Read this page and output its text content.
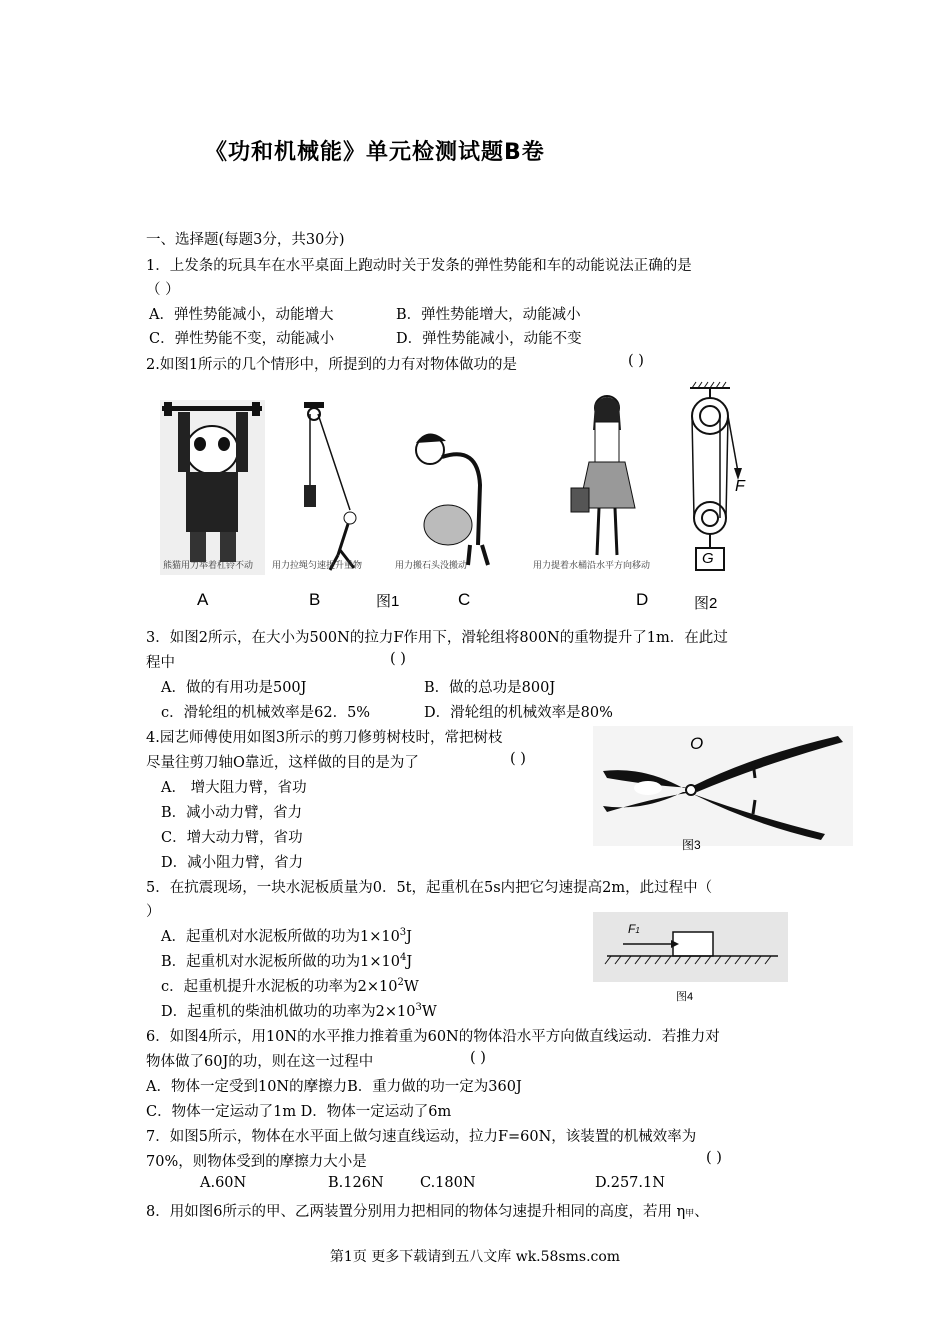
《功和机械能》单元检测试题B卷
一、选择题(每题3分，共30分)
1．上发条的玩具车在水平桌面上跑动时关于发条的弹性势能和车的动能说法正确的是
（ ）
A．弹性势能减小，动能增大	B．弹性势能增大，动能减小
C．弹性势能不变，动能减小	D．弹性势能减小，动能不变
2.如图1所示的几个情形中，所提到的力有对物体做功的是	( )
熊猫用力举着杠铃不动 用力拉绳匀速提升重物	用力搬石头没搬动	用力提着水桶沿水平方向移动
A	B	图1	C	D
F
G
图2
3．如图2所示，在大小为500N的拉力F作用下，滑轮组将800N的重物提升了1m．在此过
程中	( )
A．做的有用功是500J	B．做的总功是800J
c．滑轮组的机械效率是62．5%	D．滑轮组的机械效率是80%
4.园艺师傅使用如图3所示的剪刀修剪树枝时，常把树枝
尽量往剪刀轴O靠近，这样做的目的是为了	( )
A． 增大阻力臂，省功
B．减小动力臂，省力
C．增大动力臂，省功
D．减小阻力臂，省力
O
图3
5．在抗震现场，一块水泥板质量为0．5t，起重机在5s内把它匀速提高2m，此过程中（
）
A．起重机对水泥板所做的功为$1\times 10^3J$
B．起重机对水泥板所做的功为$1\times 10^4J$
c．起重机提升水泥板的功率为$2\times 10^2W$
D．起重机的柴油机做功的功率为$2\times 10^3W$
F1
图4
6．如图4所示，用10N的水平推力推着重为60N的物体沿水平方向做直线运动．若推力对
物体做了60J的功，则在这一过程中	( )
A．物体一定受到10N的摩擦力B．重力做的功一定为360J
C．物体一定运动了1m D．物体一定运动了6m
7．如图5所示，物体在水平面上做匀速直线运动，拉力F=60N，该装置的机械效率为
70%，则物体受到的摩擦力大小是	( )
A.60N	B.126N	C.180N	D.257.1N
8．用如图6所示的甲、乙两装置分别用力把相同的物体匀速提升相同的高度，若用 η甲、
第1页 更多下载请到五八文库 wk.58sms.com
